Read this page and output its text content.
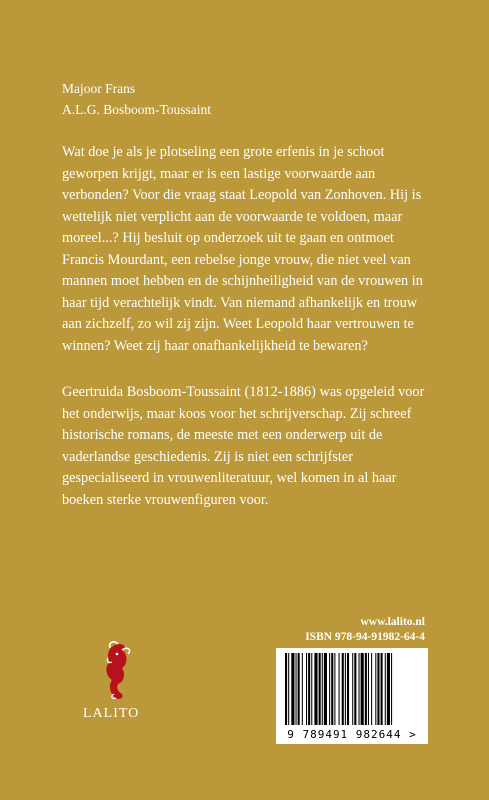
Majoor Frans
A.L.G. Bosboom-Toussaint

Wat doe je als je plotseling een grote erfenis in je schoot geworpen krijgt, maar er is een lastige voorwaarde aan verbonden? Voor die vraag staat Leopold van Zonhoven. Hij is wettelijk niet verplicht aan de voorwaarde te voldoen, maar moreel...? Hij besluit op onderzoek uit te gaan en ontmoet Francis Mourdant, een rebelse jonge vrouw, die niet veel van mannen moet hebben en de schijnheiligheid van de vrouwen in haar tijd verachtelijk vindt. Van niemand afhankelijk en trouw aan zichzelf, zo wil zij zijn. Weet Leopold haar vertrouwen te winnen? Weet zij haar onafhankelijkheid te bewaren?

Geertruida Bosboom-Toussaint (1812-1886) was opgeleid voor het onderwijs, maar koos voor het schrijverschap. Zij schreef historische romans, de meeste met een onderwerp uit de vaderlandse geschiedenis. Zij is niet een schrijfster gespecialiseerd in vrouwenliteratuur, wel komen in al haar boeken sterke vrouwenfiguren voor.

www.lalito.nl
ISBN 978-94-91982-64-4
9 789491 982644 >
LALITO
